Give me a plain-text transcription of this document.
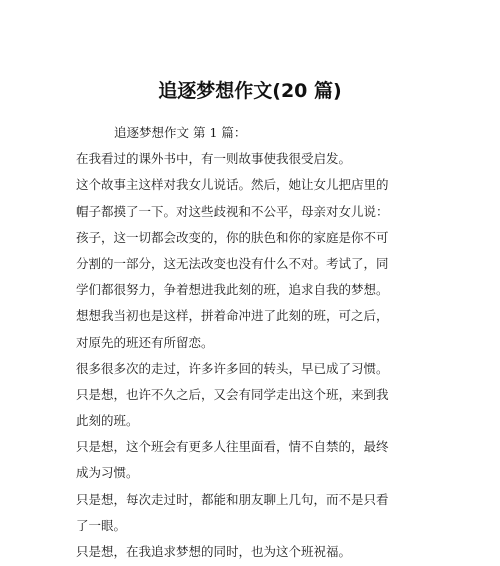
追逐梦想作文(20 篇)
追逐梦想作文 第 1 篇：
在我看过的课外书中，有一则故事使我很受启发。
这个故事主这样对我女儿说话。然后，她让女儿把店里的
帽子都摸了一下。对这些歧视和不公平，母亲对女儿说：
孩子，这一切都会改变的，你的肤色和你的家庭是你不可
分割的一部分，这无法改变也没有什么不对。考试了，同
学们都很努力，争着想进我此刻的班，追求自我的梦想。
想想我当初也是这样，拼着命冲进了此刻的班，可之后，
对原先的班还有所留恋。
很多很多次的走过，许多许多回的转头，早已成了习惯。
只是想，也许不久之后，又会有同学走出这个班，来到我
此刻的班。
只是想，这个班会有更多人往里面看，情不自禁的，最终
成为习惯。
只是想，每次走过时，都能和朋友聊上几句，而不是只看
了一眼。
只是想，在我追求梦想的同时，也为这个班祝福。
